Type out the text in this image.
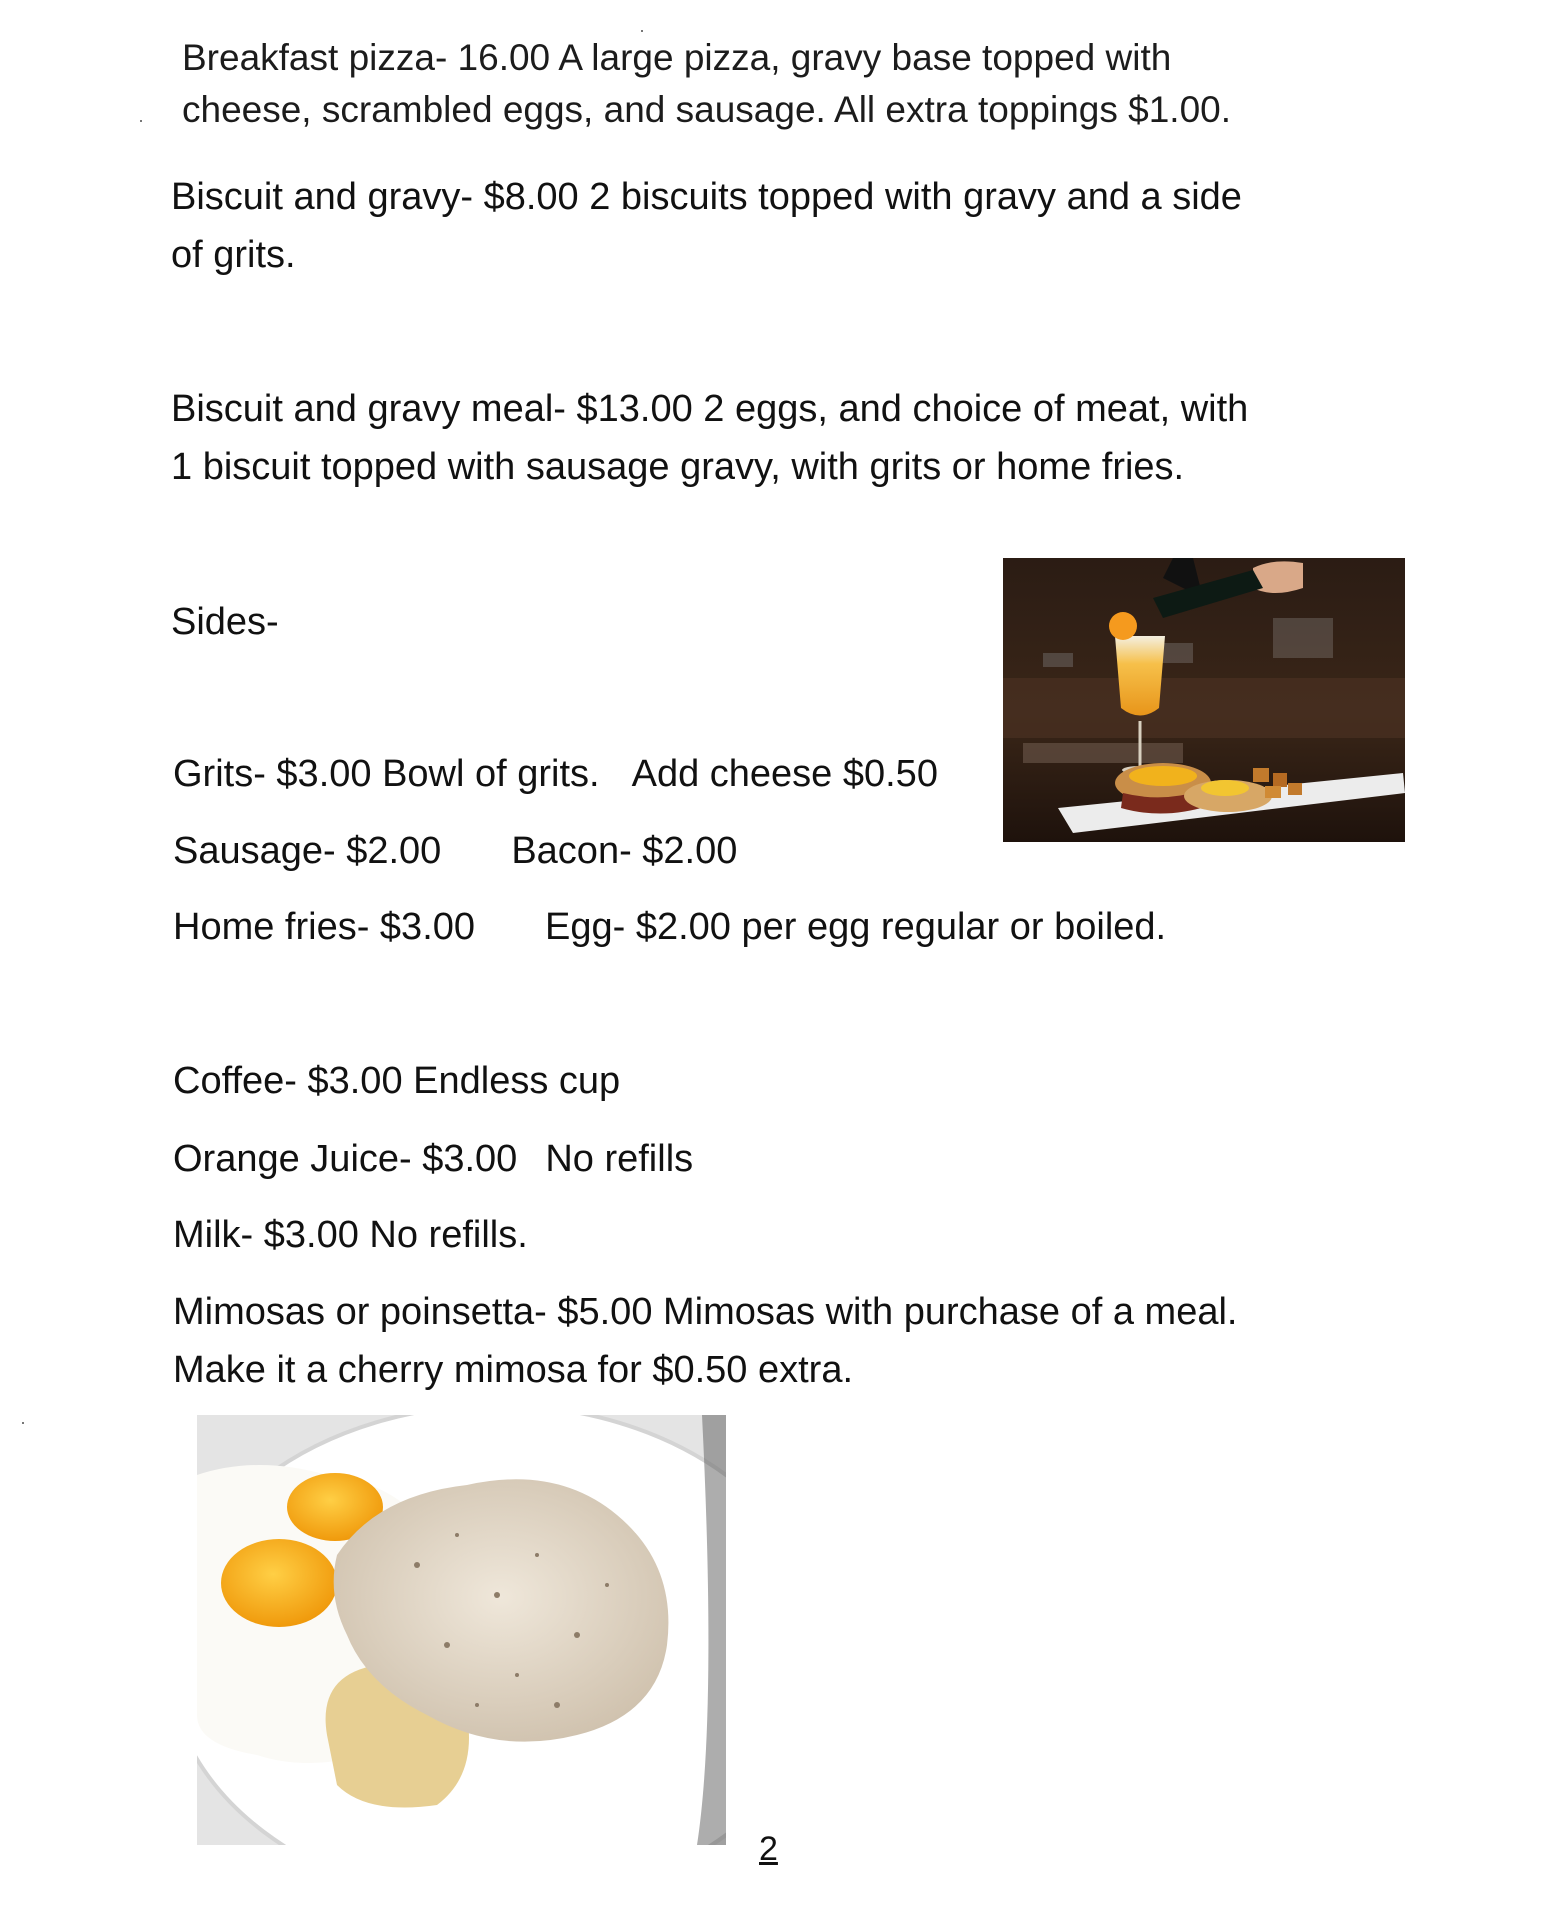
Breakfast pizza- 16.00 A large pizza, gravy base topped with
cheese, scrambled eggs, and sausage. All extra toppings $1.00.
Biscuit and gravy- $8.00 2 biscuits topped with gravy and a side
of grits.
Biscuit and gravy meal- $13.00 2 eggs, and choice of meat, with
1 biscuit topped with sausage gravy, with grits or home fries.
Sides-
Grits- $3.00 Bowl of grits. Add cheese $0.50
Sausage- $2.00 Bacon- $2.00
Home fries- $3.00 Egg- $2.00 per egg regular or boiled.
Coffee- $3.00 Endless cup
Orange Juice- $3.00 No refills
Milk- $3.00 No refills.
Mimosas or poinsetta- $5.00 Mimosas with purchase of a meal.
Make it a cherry mimosa for $0.50 extra.
2
